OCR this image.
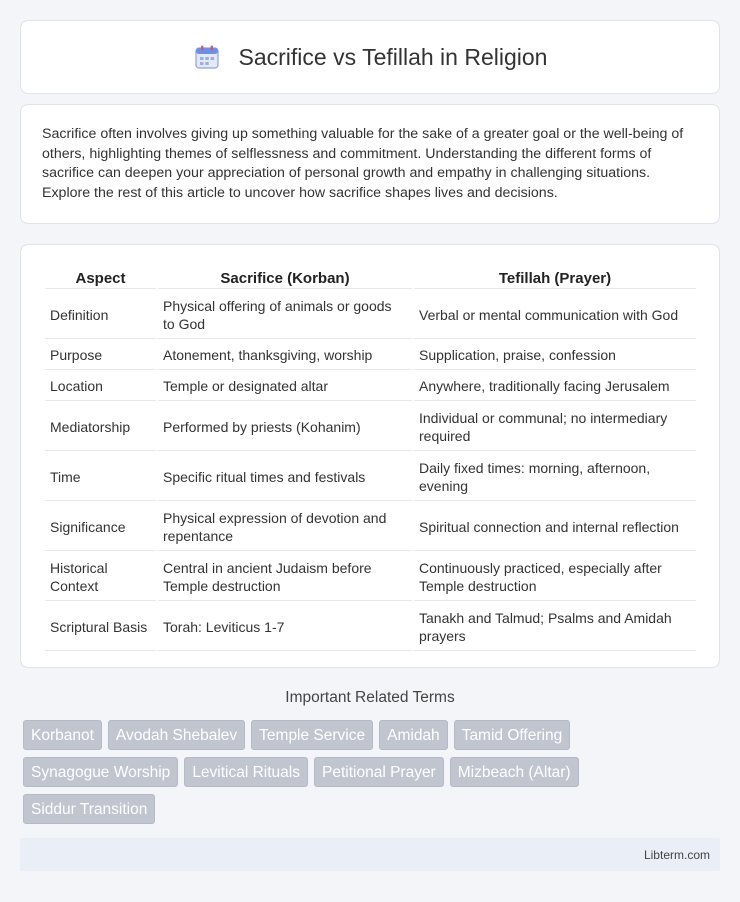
Sacrifice vs Tefillah in Religion

Sacrifice often involves giving up something valuable for the sake of a greater goal or the well-being of others, highlighting themes of selflessness and commitment. Understanding the different forms of sacrifice can deepen your appreciation of personal growth and empathy in challenging situations. Explore the rest of this article to uncover how sacrifice shapes lives and decisions.

Aspect	Sacrifice (Korban)	Tefillah (Prayer)
Definition	Physical offering of animals or goods to God	Verbal or mental communication with God
Purpose	Atonement, thanksgiving, worship	Supplication, praise, confession
Location	Temple or designated altar	Anywhere, traditionally facing Jerusalem
Mediatorship	Performed by priests (Kohanim)	Individual or communal; no intermediary required
Time	Specific ritual times and festivals	Daily fixed times: morning, afternoon, evening
Significance	Physical expression of devotion and repentance	Spiritual connection and internal reflection
Historical Context	Central in ancient Judaism before Temple destruction	Continuously practiced, especially after Temple destruction
Scriptural Basis	Torah: Leviticus 1-7	Tanakh and Talmud; Psalms and Amidah prayers
Important Related Terms
Korbanot	Avodah Shebalev	Temple Service	Amidah	Tamid Offering
Synagogue Worship	Levitical Rituals	Petitional Prayer	Mizbeach (Altar)
Siddur Transition
Libterm.com
